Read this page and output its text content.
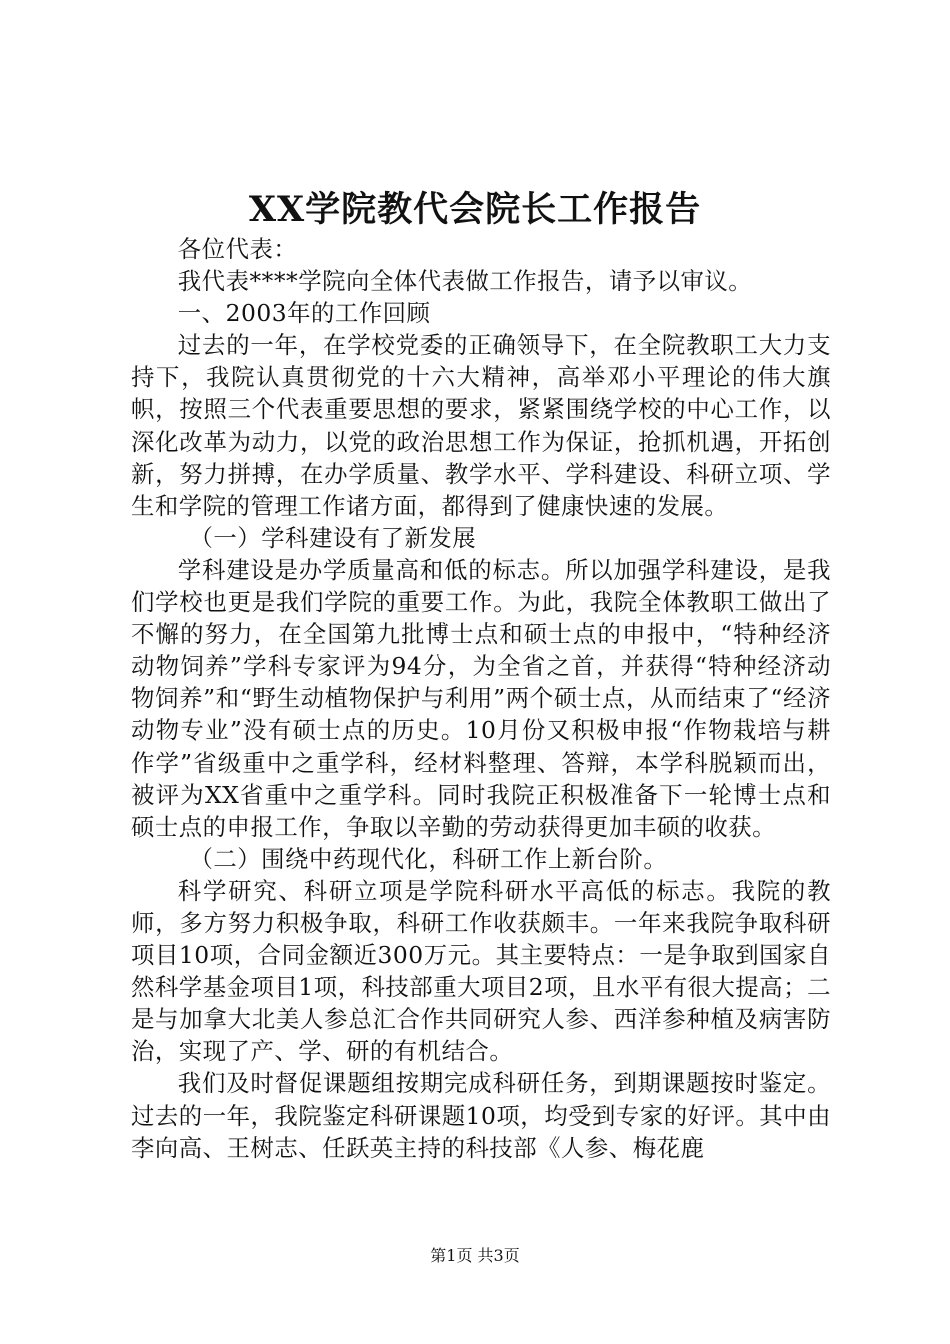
XX学院教代会院长工作报告

各位代表：

我代表****学院向全体代表做工作报告，请予以审议。

一、2003年的工作回顾

过去的一年，在学校党委的正确领导下，在全院教职工大力支持下，我院认真贯彻党的十六大精神，高举邓小平理论的伟大旗帜，按照三个代表重要思想的要求，紧紧围绕学校的中心工作，以深化改革为动力，以党的政治思想工作为保证，抢抓机遇，开拓创新，努力拼搏，在办学质量、教学水平、学科建设、科研立项、学生和学院的管理工作诸方面，都得到了健康快速的发展。

（一）学科建设有了新发展

学科建设是办学质量高和低的标志。所以加强学科建设，是我们学校也更是我们学院的重要工作。为此，我院全体教职工做出了不懈的努力，在全国第九批博士点和硕士点的申报中，“特种经济动物饲养”学科专家评为94分，为全省之首，并获得“特种经济动物饲养”和“野生动植物保护与利用”两个硕士点，从而结束了“经济动物专业”没有硕士点的历史。10月份又积极申报“作物栽培与耕作学”省级重中之重学科，经材料整理、答辩，本学科脱颖而出，被评为XX省重中之重学科。同时我院正积极准备下一轮博士点和硕士点的申报工作，争取以辛勤的劳动获得更加丰硕的收获。

（二）围绕中药现代化，科研工作上新台阶。

科学研究、科研立项是学院科研水平高低的标志。我院的教师，多方努力积极争取，科研工作收获颇丰。一年来我院争取科研项目10项，合同金额近300万元。其主要特点：一是争取到国家自然科学基金项目1项，科技部重大项目2项，且水平有很大提高；二是与加拿大北美人参总汇合作共同研究人参、西洋参种植及病害防治，实现了产、学、研的有机结合。

我们及时督促课题组按期完成科研任务，到期课题按时鉴定。过去的一年，我院鉴定科研课题10项，均受到专家的好评。其中由李向高、王树志、任跃英主持的科技部《人参、梅花鹿

第1页 共3页
